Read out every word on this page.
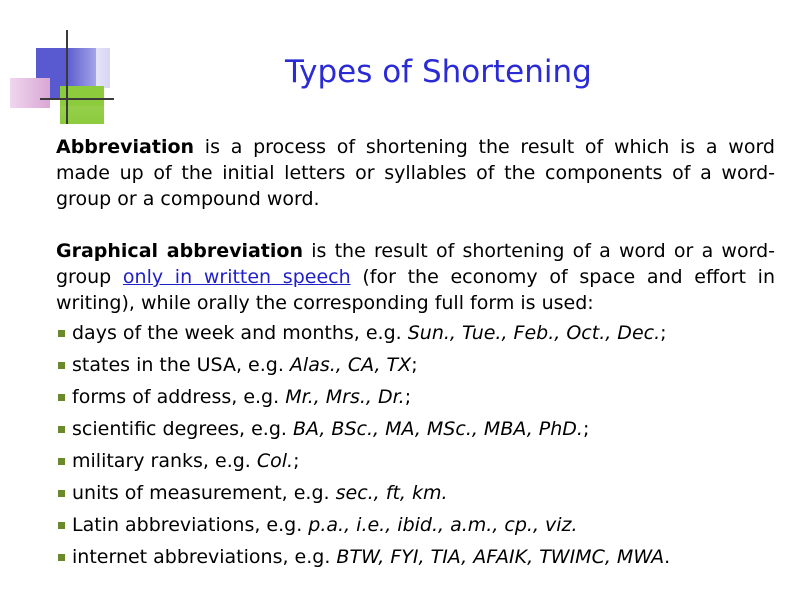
Types of Shortening

Abbreviation is a process of shortening the result of which is a word made up of the initial letters or syllables of the components of a word-group or a compound word.

Graphical abbreviation is the result of shortening of a word or a word-group only in written speech (for the economy of space and effort in writing), while orally the corresponding full form is used:

days of the week and months, e.g. Sun., Tue., Feb., Oct., Dec.;
states in the USA, e.g. Alas., CA, TX;
forms of address, e.g. Mr., Mrs., Dr.;
scientific degrees, e.g. BA, BSc., MA, MSc., MBA, PhD.;
military ranks, e.g. Col.;
units of measurement, e.g. sec., ft, km.
Latin abbreviations, e.g. p.a., i.e., ibid., a.m., cp., viz.
internet abbreviations, e.g. BTW, FYI, TIA, AFAIK, TWIMC, MWA.
